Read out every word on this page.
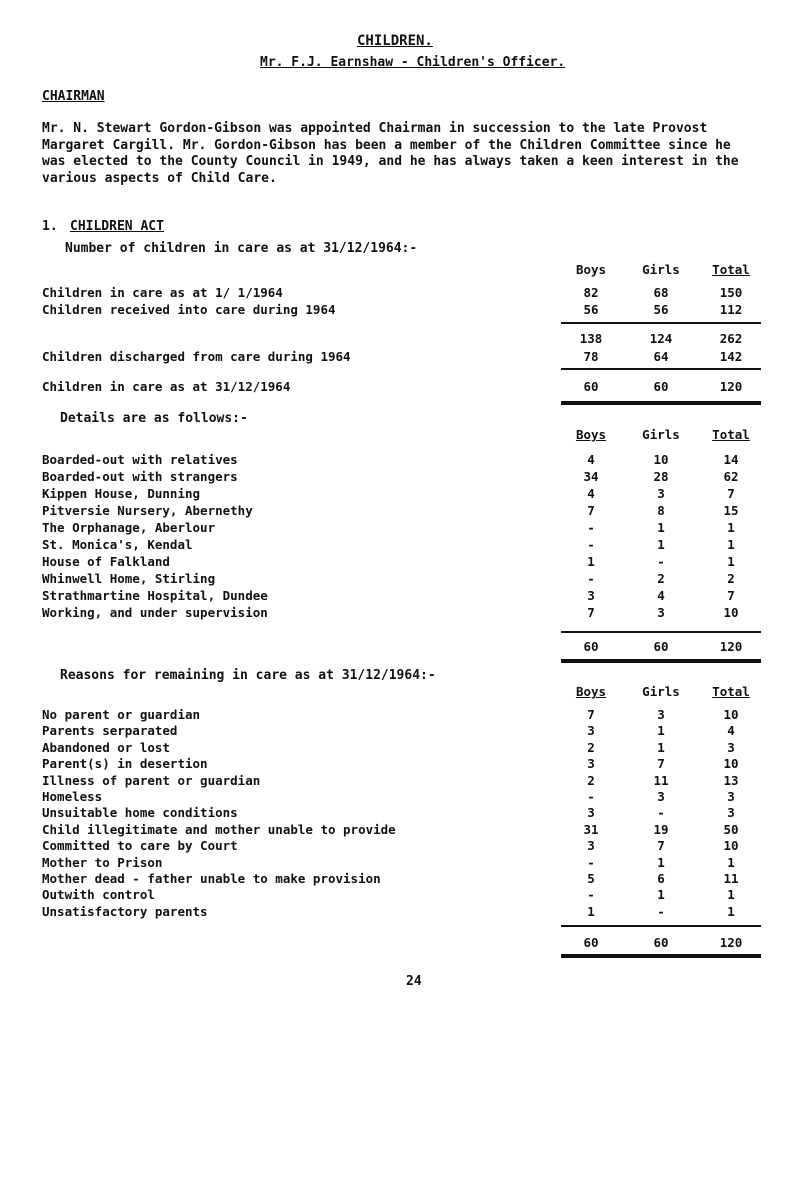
CHILDREN.
Mr. F.J. Earnshaw - Children's Officer.
CHAIRMAN
Mr. N. Stewart Gordon-Gibson was appointed Chairman in succession to the late Provost Margaret Cargill. Mr. Gordon-Gibson has been a member of the Children Committee since he was elected to the County Council in 1949, and he has always taken a keen interest in the various aspects of Child Care.
1. CHILDREN ACT
Number of children in care as at 31/12/1964:-
Boys	Girls	Total
Children in care as at 1/ 1/1964	82	68	150
Children received into care during 1964	56	56	112
138	124	262
Children discharged from care during 1964	78	64	142
Children in care as at 31/12/1964	60	60	120
Details are as follows:-
Boys	Girls	Total
Boarded-out with relatives	4	10	14
Boarded-out with strangers	34	28	62
Kippen House, Dunning	4	3	7
Pitversie Nursery, Abernethy	7	8	15
The Orphanage, Aberlour	-	1	1
St. Monica's, Kendal	-	1	1
House of Falkland	1	-	1
Whinwell Home, Stirling	-	2	2
Strathmartine Hospital, Dundee	3	4	7
Working, and under supervision	7	3	10
60	60	120
Reasons for remaining in care as at 31/12/1964:-
Boys	Girls	Total
No parent or guardian	7	3	10
Parents serparated	3	1	4
Abandoned or lost	2	1	3
Parent(s) in desertion	3	7	10
Illness of parent or guardian	2	11	13
Homeless	-	3	3
Unsuitable home conditions	3	-	3
Child illegitimate and mother unable to provide	31	19	50
Committed to care by Court	3	7	10
Mother to Prison	-	1	1
Mother dead - father unable to make provision	5	6	11
Outwith control	-	1	1
Unsatisfactory parents	1	-	1
60	60	120
24
